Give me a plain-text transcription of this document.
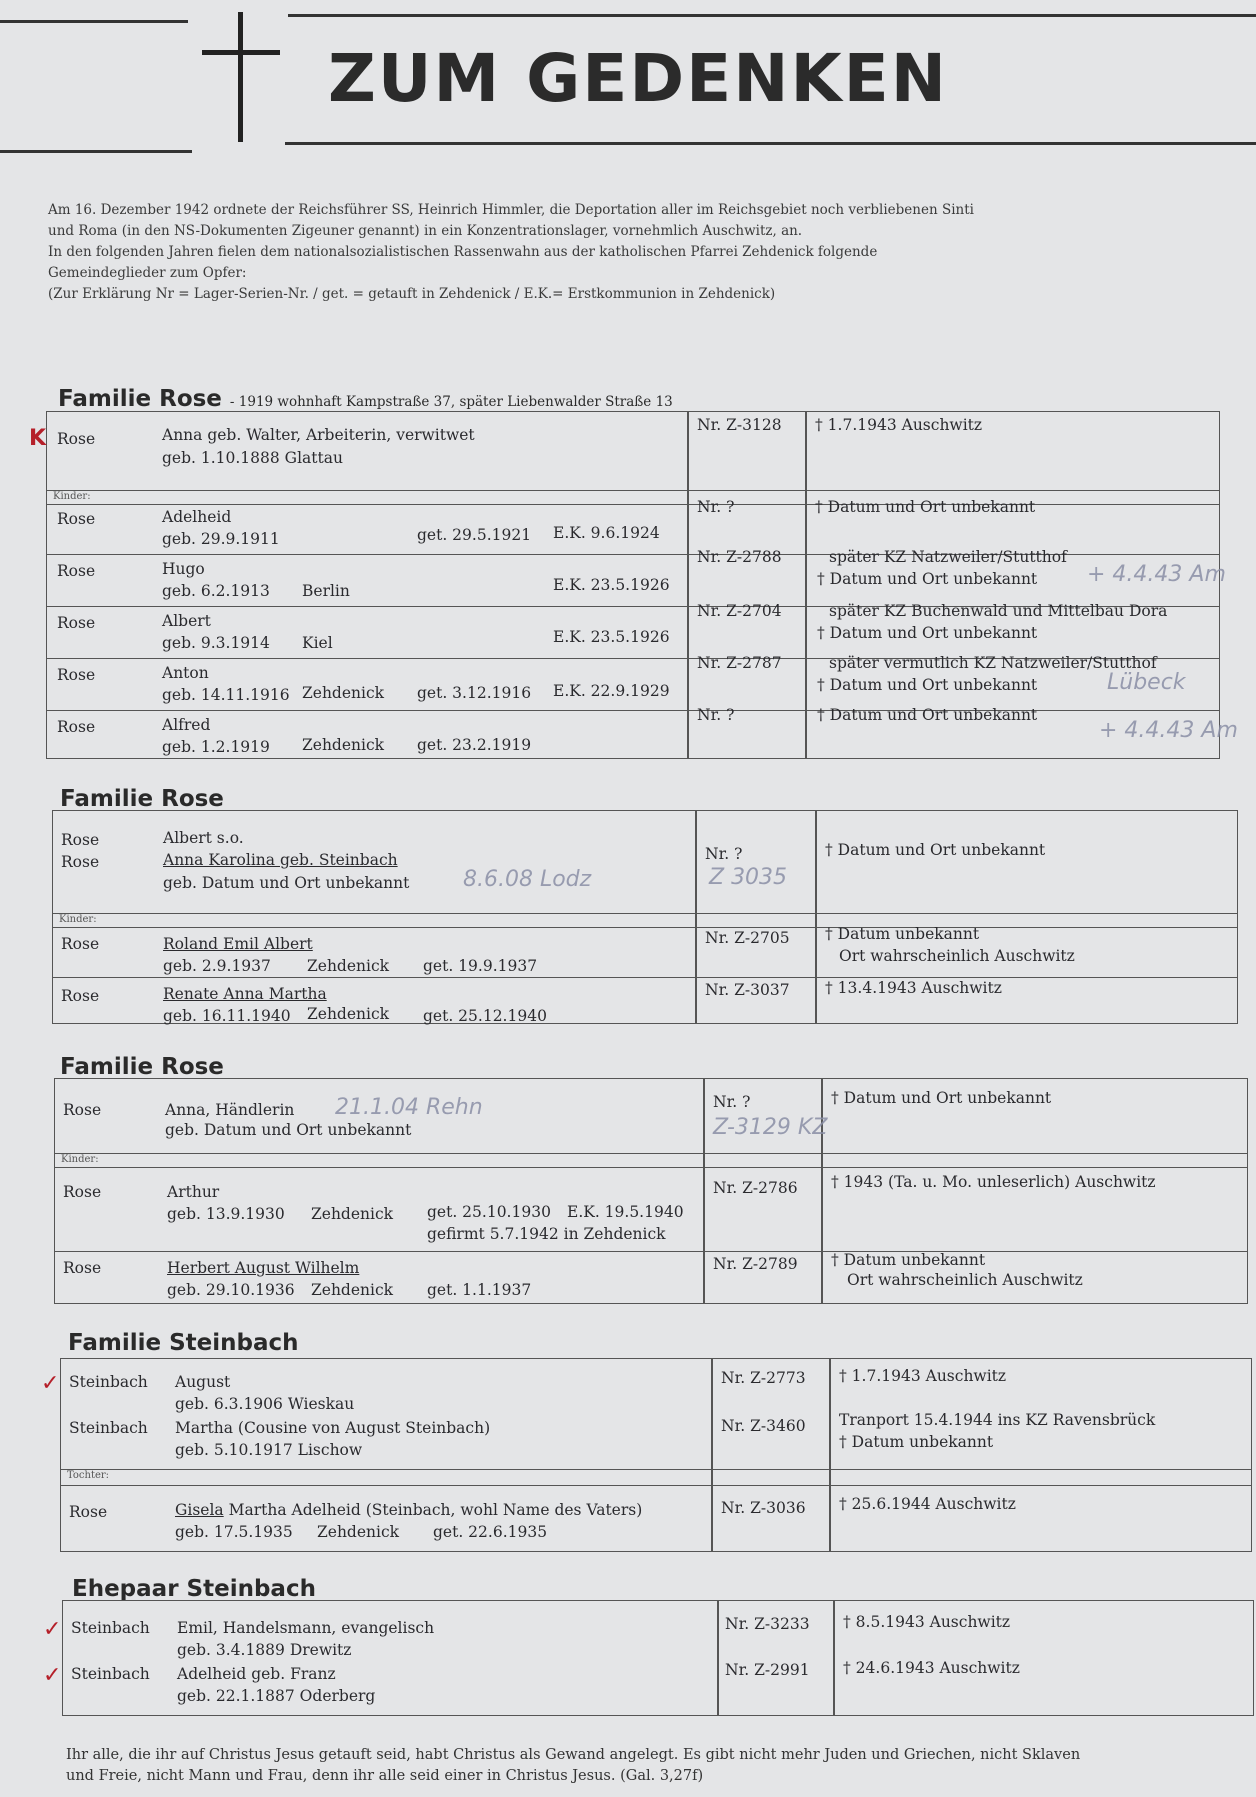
ZUM GEDENKEN
Am 16. Dezember 1942 ordnete der Reichsführer SS, Heinrich Himmler, die Deportation aller im Reichsgebiet noch verbliebenen Sinti
und Roma (in den NS-Dokumenten Zigeuner genannt) in ein Konzentrationslager, vornehmlich Auschwitz, an.
In den folgenden Jahren fielen dem nationalsozialistischen Rassenwahn aus der katholischen Pfarrei Zehdenick folgende
Gemeindeglieder zum Opfer:
(Zur Erklärung Nr = Lager-Serien-Nr. / get. = getauft in Zehdenick / E.K.= Erstkommunion in Zehdenick)
Familie Rose - 1919 wohnhaft Kampstraße 37, später Liebenwalder Straße 13
K Rose	Anna geb. Walter, Arbeiterin, verwitwet
geb. 1.10.1888 Glattau
Nr. Z-3128 † 1.7.1943 Auschwitz
Kinder:
Rose	Adelheid
geb. 29.9.1911	get. 29.5.1921 E.K. 9.6.1924
Nr. ?	† Datum und Ort unbekannt
Rose	Hugo
geb. 6.2.1913 Berlin	E.K. 23.5.1926
Nr. Z-2788	später KZ Natzweiler/Stutthof
† Datum und Ort unbekannt + 4.4.43 Am
Rose	Albert
geb. 9.3.1914 Kiel	E.K. 23.5.1926
Nr. Z-2704	später KZ Buchenwald und Mittelbau Dora
† Datum und Ort unbekannt
Rose	Anton
geb. 14.11.1916 Zehdenick get. 3.12.1916 E.K. 22.9.1929
Nr. Z-2787	später vermutlich KZ Natzweiler/Stutthof
† Datum und Ort unbekannt	Lübeck
Rose	Alfred
geb. 1.2.1919 Zehdenick get. 23.2.1919
Nr. ?	† Datum und Ort unbekannt
+ 4.4.43 Am
Familie Rose
Rose	Albert s.o.
Rose	Anna Karolina geb. Steinbach
geb. Datum und Ort unbekannt 8.6.08 Lodz
Nr. ?
Z 3035
† Datum und Ort unbekannt
Kinder:
Rose	Roland Emil Albert
geb. 2.9.1937 Zehdenick get. 19.9.1937
Nr. Z-2705 † Datum unbekannt
Ort wahrscheinlich Auschwitz
Rose	Renate Anna Martha
geb. 16.11.1940 Zehdenick get. 25.12.1940
Nr. Z-3037 † 13.4.1943 Auschwitz
Familie Rose
Rose	Anna, Händlerin 21.1.04 Rehn
geb. Datum und Ort unbekannt
Nr. ?
Z-3129 KZ
† Datum und Ort unbekannt
Kinder:
Rose	Arthur
geb. 13.9.1930 Zehdenick get. 25.10.1930 E.K. 19.5.1940
gefirmt 5.7.1942 in Zehdenick
Nr. Z-2786 † 1943 (Ta. u. Mo. unleserlich) Auschwitz
Rose	Herbert August Wilhelm
geb. 29.10.1936 Zehdenick get. 1.1.1937
Nr. Z-2789 † Datum unbekannt
Ort wahrscheinlich Auschwitz
Familie Steinbach
✓ Steinbach August
geb. 6.3.1906 Wieskau
Nr. Z-2773 † 1.7.1943 Auschwitz
Steinbach Martha (Cousine von August Steinbach)
geb. 5.10.1917 Lischow
Nr. Z-3460 Tranport 15.4.1944 ins KZ Ravensbrück
† Datum unbekannt
Tochter:
Rose	Gisela Martha Adelheid (Steinbach, wohl Name des Vaters)
geb. 17.5.1935 Zehdenick get. 22.6.1935
Nr. Z-3036 † 25.6.1944 Auschwitz
Ehepaar Steinbach
✓ Steinbach Emil, Handelsmann, evangelisch
geb. 3.4.1889 Drewitz
Nr. Z-3233 † 8.5.1943 Auschwitz
✓ Steinbach Adelheid geb. Franz
geb. 22.1.1887 Oderberg
Nr. Z-2991 † 24.6.1943 Auschwitz
Ihr alle, die ihr auf Christus Jesus getauft seid, habt Christus als Gewand angelegt. Es gibt nicht mehr Juden und Griechen, nicht Sklaven
und Freie, nicht Mann und Frau, denn ihr alle seid einer in Christus Jesus. (Gal. 3,27f)
